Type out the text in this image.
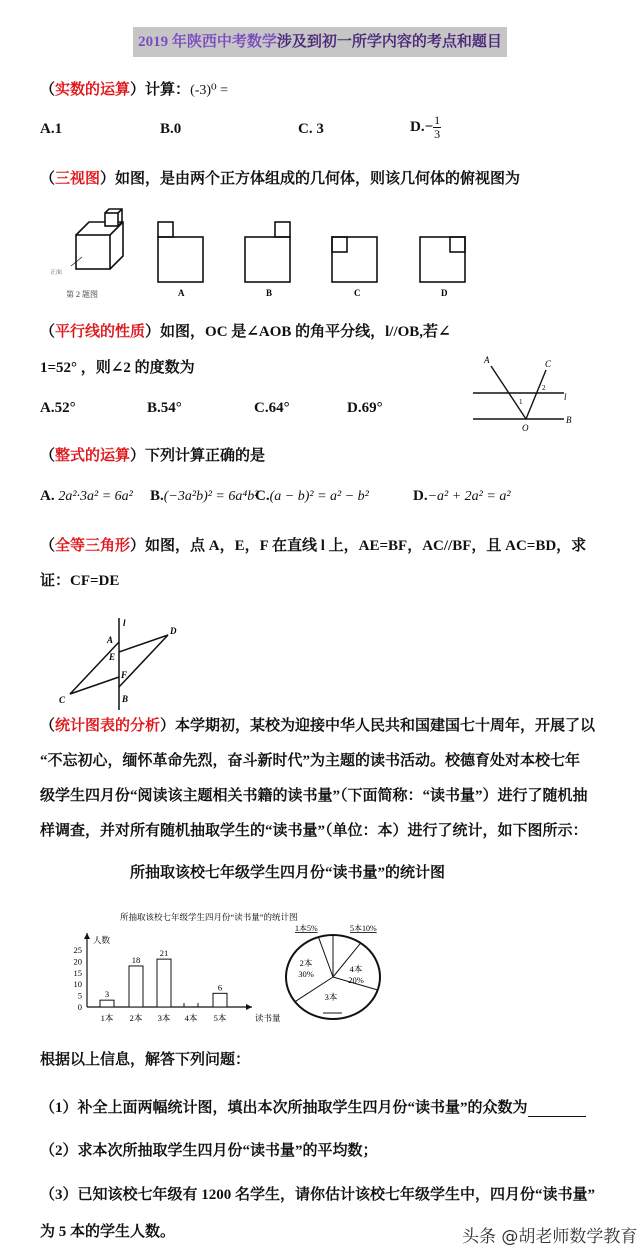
2019 年陕西中考数学涉及到初一所学内容的考点和题目
（实数的运算）计算：(-3)⁰ =
A.1	B.0	C. 3	$D.- \frac{1}{3}$
（三视图）如图，是由两个正方体组成的几何体，则该几何体的俯视图为
正面
第 2 题图	A	B	C	D
（平行线的性质）如图，OC 是∠AOB 的角平分线，l//OB,若∠
1=52° ，则∠2 的度数为
A.52°	B.54°	C.64°	D.69°
A	C
l
O
B
1
2
（整式的运算）下列计算正确的是
A. 2a²·3a² = 6a² B.(−3a²b)² = 6a⁴b²
C.(a − b)² = a² − b²	D.−a² + 2a² = a²
（全等三角形）如图，点 A，E，F 在直线 l 上，AE=BF，AC//BF，且 AC=BD，求
证：CF=DE
l
A
E
F
B
C
D
（统计图表的分析）本学期初，某校为迎接中华人民共和国建国七十周年，开展了以
“不忘初心，缅怀革命先烈，奋斗新时代”为主题的读书活动。校德育处对本校七年
级学生四月份“阅读该主题相关书籍的读书量”（下面简称：“读书量”）进行了随机抽
样调查，并对所有随机抽取学生的“读书量”（单位：本）进行了统计，如下图所示：
所抽取该校七年级学生四月份“读书量”的统计图
所抽取该校七年级学生四月份“读书量”的统计图
人数
读书量
0
5
10
15
20
25
1本
3
2本
18
3本
21
4本 5本
6
5本10%
4本
20%
3本
2本
30%
1本5%
根据以上信息，解答下列问题：
（1）补全上面两幅统计图，填出本次所抽取学生四月份“读书量”的众数为
（2）求本次所抽取学生四月份“读书量”的平均数；
（3）已知该校七年级有 1200 名学生，请你估计该校七年级学生中，四月份“读书量”
为 5 本的学生人数。	头条 @胡老师数学教育
